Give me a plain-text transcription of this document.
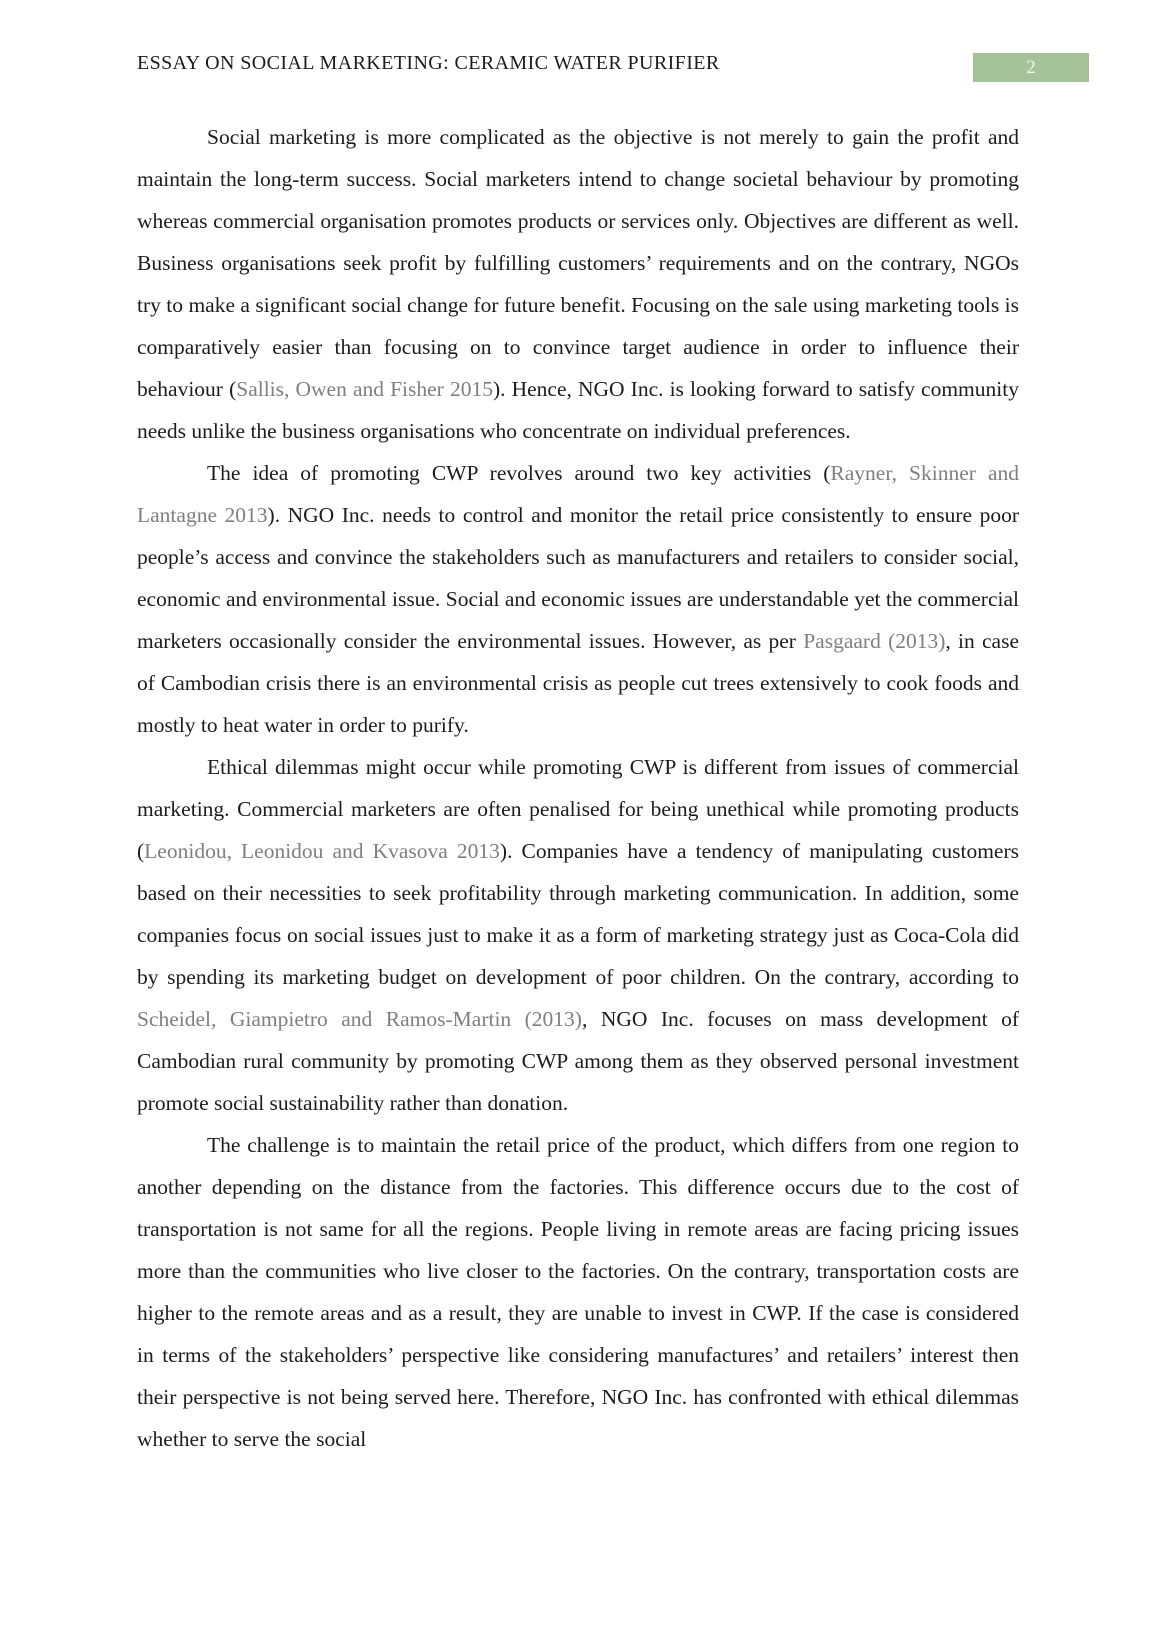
ESSAY ON SOCIAL MARKETING: CERAMIC WATER PURIFIER	2

Social marketing is more complicated as the objective is not merely to gain the profit and maintain the long-term success. Social marketers intend to change societal behaviour by promoting whereas commercial organisation promotes products or services only. Objectives are different as well. Business organisations seek profit by fulfilling customers’ requirements and on the contrary, NGOs try to make a significant social change for future benefit. Focusing on the sale using marketing tools is comparatively easier than focusing on to convince target audience in order to influence their behaviour (Sallis, Owen and Fisher 2015). Hence, NGO Inc. is looking forward to satisfy community needs unlike the business organisations who concentrate on individual preferences.

The idea of promoting CWP revolves around two key activities (Rayner, Skinner and Lantagne 2013). NGO Inc. needs to control and monitor the retail price consistently to ensure poor people’s access and convince the stakeholders such as manufacturers and retailers to consider social, economic and environmental issue. Social and economic issues are understandable yet the commercial marketers occasionally consider the environmental issues. However, as per Pasgaard (2013), in case of Cambodian crisis there is an environmental crisis as people cut trees extensively to cook foods and mostly to heat water in order to purify.

Ethical dilemmas might occur while promoting CWP is different from issues of commercial marketing. Commercial marketers are often penalised for being unethical while promoting products (Leonidou, Leonidou and Kvasova 2013). Companies have a tendency of manipulating customers based on their necessities to seek profitability through marketing communication. In addition, some companies focus on social issues just to make it as a form of marketing strategy just as Coca-Cola did by spending its marketing budget on development of poor children. On the contrary, according to Scheidel, Giampietro and Ramos-Martin (2013), NGO Inc. focuses on mass development of Cambodian rural community by promoting CWP among them as they observed personal investment promote social sustainability rather than donation.

The challenge is to maintain the retail price of the product, which differs from one region to another depending on the distance from the factories. This difference occurs due to the cost of transportation is not same for all the regions. People living in remote areas are facing pricing issues more than the communities who live closer to the factories. On the contrary, transportation costs are higher to the remote areas and as a result, they are unable to invest in CWP. If the case is considered in terms of the stakeholders’ perspective like considering manufactures’ and retailers’ interest then their perspective is not being served here. Therefore, NGO Inc. has confronted with ethical dilemmas whether to serve the social
